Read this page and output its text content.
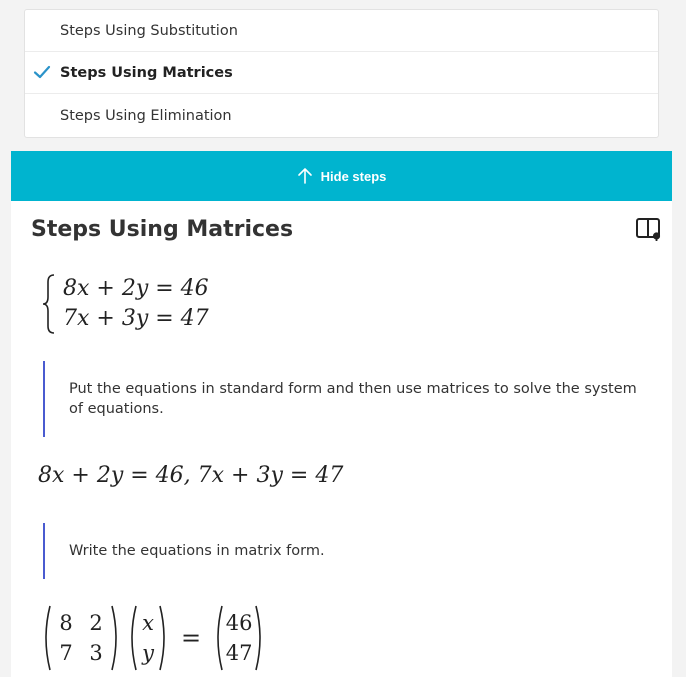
Steps Using Substitution
Steps Using Matrices
Steps Using Elimination
Hide steps
Steps Using Matrices
8x + 2y = 46
7x + 3y = 47
Put the equations in standard form and then use matrices to solve the system of equations.
8x + 2y = 46, 7x + 3y = 47
Write the equations in matrix form.
8 2
7 3
x
y
=
46
47
